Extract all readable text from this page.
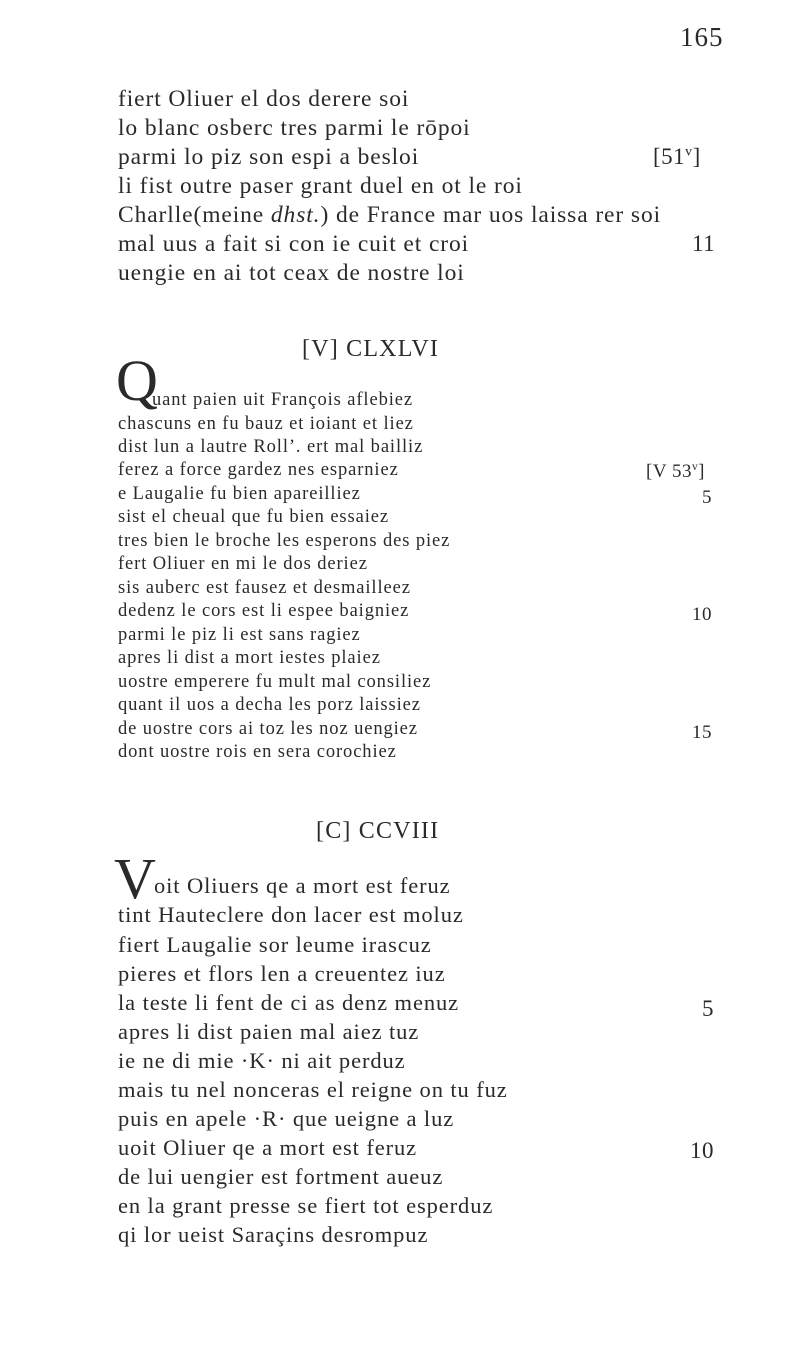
165
fiert Oliuer el dos derere soi
lo blanc osberc tres parmi le rōpoi
parmi lo piz son espi a besloi
li fist outre paser grant duel en ot le roi
Charlle(meine dhst.) de France mar uos laissa rer soi
mal uus a fait si con ie cuit et croi
uengie en ai tot ceax de nostre loi
[51$^v$]
11
[V] CLXLVI
Q
uant paien uit François aflebiez
chascuns en fu bauz et ioiant et liez
dist lun a lautre Roll’. ert mal bailliz
ferez a force gardez nes esparniez
e Laugalie fu bien apareilliez
sist el cheual que fu bien essaiez
tres bien le broche les esperons des piez
fert Oliuer en mi le dos deriez
sis auberc est fausez et desmailleez
dedenz le cors est li espee baigniez
parmi le piz li est sans ragiez
apres li dist a mort iestes plaiez
uostre emperere fu mult mal consiliez
quant il uos a decha les porz laissiez
de uostre cors ai toz les noz uengiez
dont uostre rois en sera corochiez
[V 53$^v$]
5
10
15
[C] CCVIII
V
oit Oliuers qe a mort est feruz
tint Hauteclere don lacer est moluz
fiert Laugalie sor leume irascuz
pieres et flors len a creuentez iuz
la teste li fent de ci as denz menuz
apres li dist paien mal aiez tuz
ie ne di mie ·K· ni ait perduz
mais tu nel nonceras el reigne on tu fuz
puis en apele ·R· que ueigne a luz
uoit Oliuer qe a mort est feruz
de lui uengier est fortment aueuz
en la grant presse se fiert tot esperduz
qi lor ueist Saraçins desrompuz
5
10
